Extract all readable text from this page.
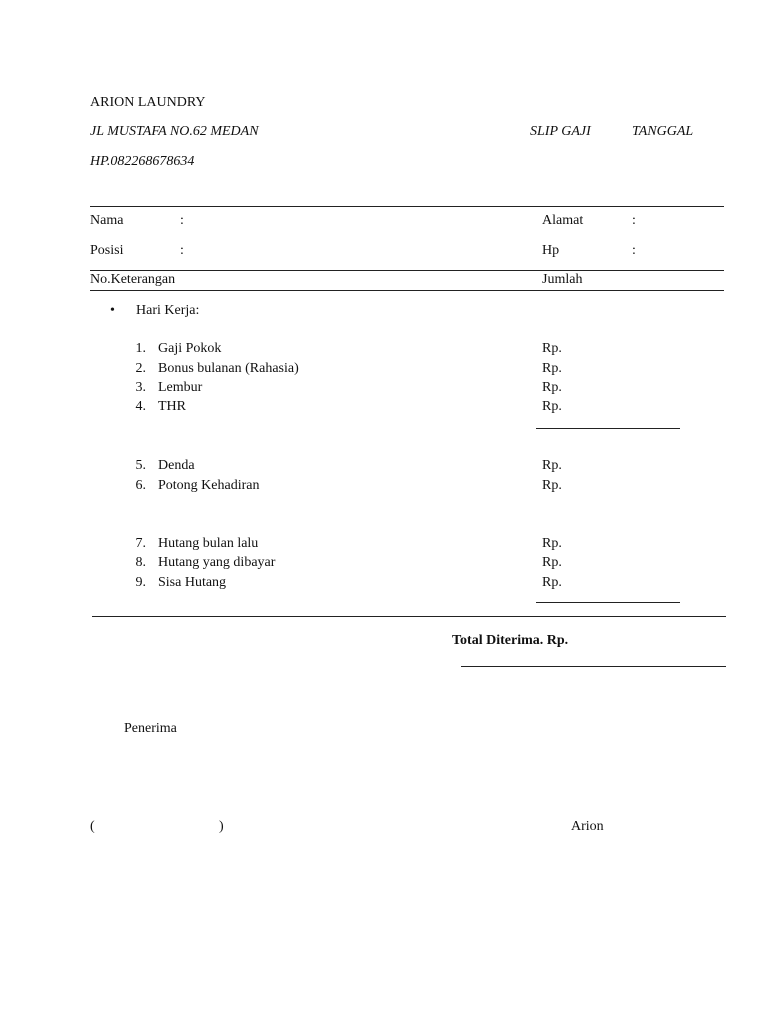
ARION LAUNDRY
JL MUSTAFA NO.62 MEDAN	SLIP GAJI	TANGGAL
HP.082268678634
Nama	:	Alamat	:
Posisi	:	Hp	:
No.Keterangan	Jumlah
• Hari Kerja:
1. Gaji Pokok	Rp.
2. Bonus bulanan (Rahasia)	Rp.
3. Lembur	Rp.
4. THR	Rp.
5. Denda	Rp.
6. Potong Kehadiran	Rp.
7. Hutang bulan lalu	Rp.
8. Hutang yang dibayar	Rp.
9. Sisa Hutang	Rp.
Total Diterima. Rp.
Penerima
(	)	Arion
